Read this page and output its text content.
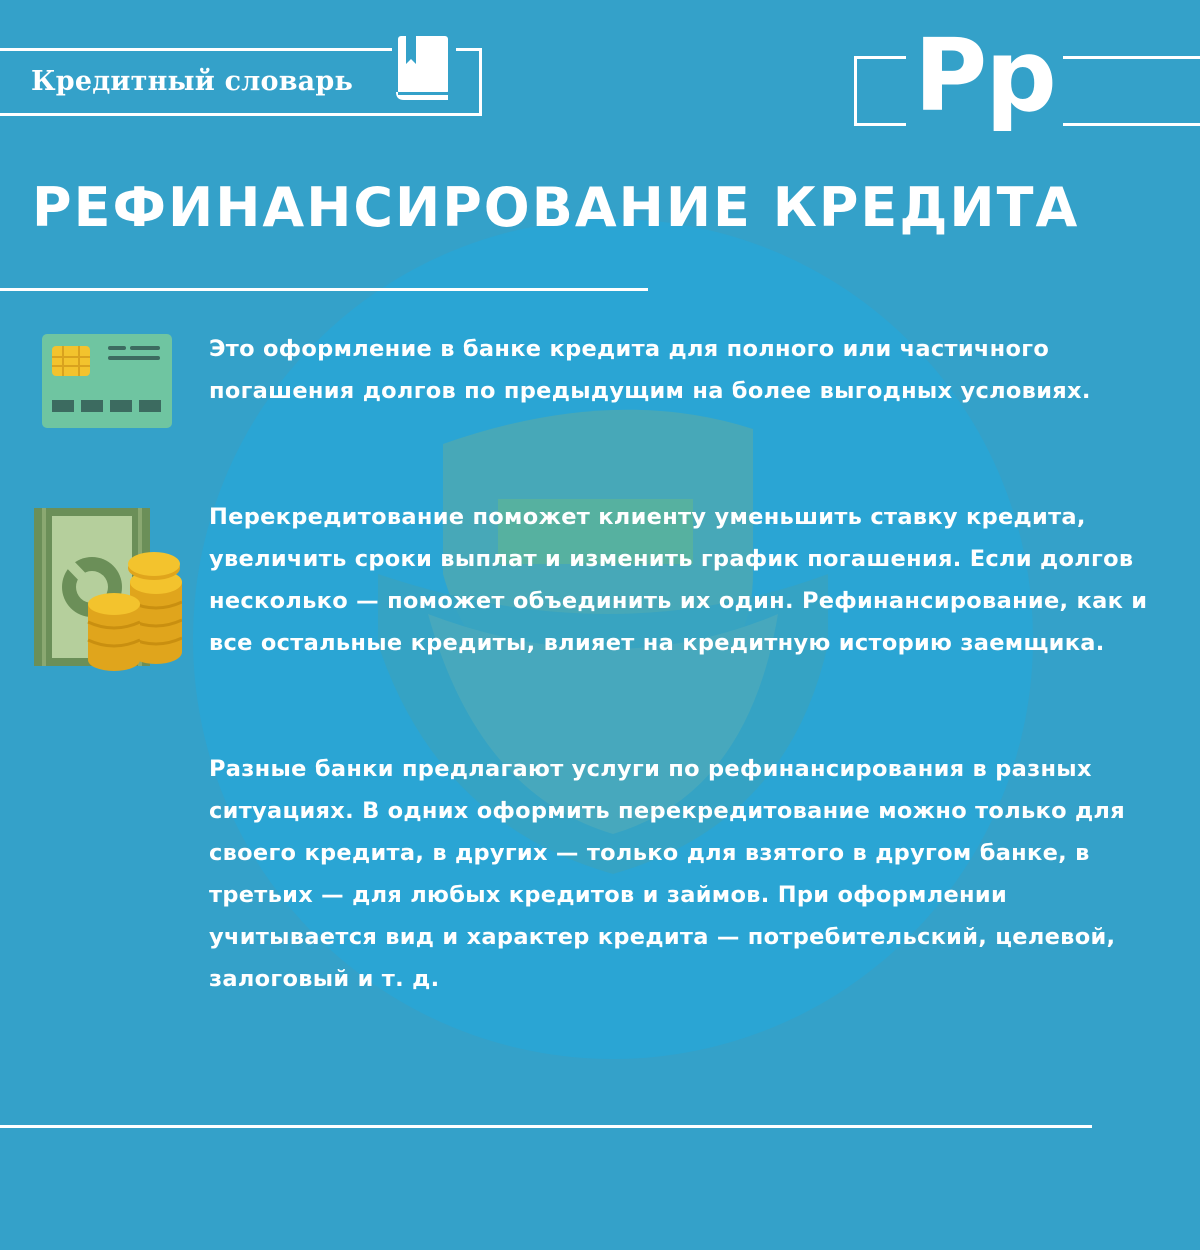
Кредитный словарь	Рр
РЕФИНАНСИРОВАНИЕ КРЕДИТА

Это оформление в банке кредита для полного или частичного погашения долгов по предыдущим на более выгодных условиях.

Перекредитование поможет клиенту уменьшить ставку кредита, увеличить сроки выплат и изменить график погашения. Если долгов несколько — поможет объединить их один. Рефинансирование, как и все остальные кредиты, влияет на кредитную историю заемщика.

Разные банки предлагают услуги по рефинансирования в разных ситуациях. В одних оформить перекредитование можно только для своего кредита, в других — только для взятого в другом банке, в третьих — для любых кредитов и займов. При оформлении учитывается вид и характер кредита — потребительский, целевой, залоговый и т. д.
